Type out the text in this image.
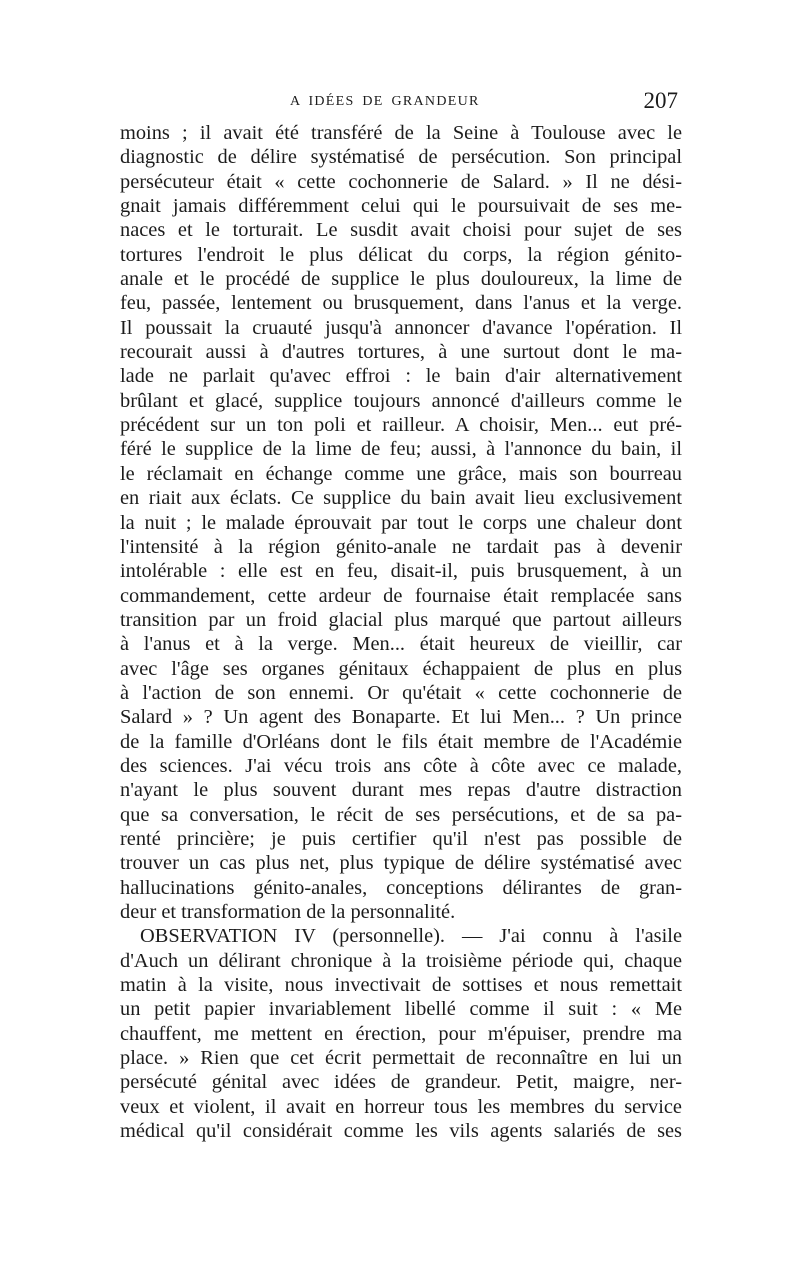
A IDÉES DE GRANDEUR	207
moins ; il avait été transféré de la Seine à Toulouse avec le
diagnostic de délire systématisé de persécution. Son principal
persécuteur était « cette cochonnerie de Salard. » Il ne dési-
gnait jamais différemment celui qui le poursuivait de ses me-
naces et le torturait. Le susdit avait choisi pour sujet de ses
tortures l'endroit le plus délicat du corps, la région génito-
anale et le procédé de supplice le plus douloureux, la lime de
feu, passée, lentement ou brusquement, dans l'anus et la verge.
Il poussait la cruauté jusqu'à annoncer d'avance l'opération. Il
recourait aussi à d'autres tortures, à une surtout dont le ma-
lade ne parlait qu'avec effroi : le bain d'air alternativement
brûlant et glacé, supplice toujours annoncé d'ailleurs comme le
précédent sur un ton poli et railleur. A choisir, Men... eut pré-
féré le supplice de la lime de feu; aussi, à l'annonce du bain, il
le réclamait en échange comme une grâce, mais son bourreau
en riait aux éclats. Ce supplice du bain avait lieu exclusivement
la nuit ; le malade éprouvait par tout le corps une chaleur dont
l'intensité à la région génito-anale ne tardait pas à devenir
intolérable : elle est en feu, disait-il, puis brusquement, à un
commandement, cette ardeur de fournaise était remplacée sans
transition par un froid glacial plus marqué que partout ailleurs
à l'anus et à la verge. Men... était heureux de vieillir, car
avec l'âge ses organes génitaux échappaient de plus en plus
à l'action de son ennemi. Or qu'était « cette cochonnerie de
Salard » ? Un agent des Bonaparte. Et lui Men... ? Un prince
de la famille d'Orléans dont le fils était membre de l'Académie
des sciences. J'ai vécu trois ans côte à côte avec ce malade,
n'ayant le plus souvent durant mes repas d'autre distraction
que sa conversation, le récit de ses persécutions, et de sa pa-
renté princière; je puis certifier qu'il n'est pas possible de
trouver un cas plus net, plus typique de délire systématisé avec
hallucinations génito-anales, conceptions délirantes de gran-
deur et transformation de la personnalité.
OBSERVATION IV (personnelle). — J'ai connu à l'asile
d'Auch un délirant chronique à la troisième période qui, chaque
matin à la visite, nous invectivait de sottises et nous remettait
un petit papier invariablement libellé comme il suit : « Me
chauffent, me mettent en érection, pour m'épuiser, prendre ma
place. » Rien que cet écrit permettait de reconnaître en lui un
persécuté génital avec idées de grandeur. Petit, maigre, ner-
veux et violent, il avait en horreur tous les membres du service
médical qu'il considérait comme les vils agents salariés de ses
